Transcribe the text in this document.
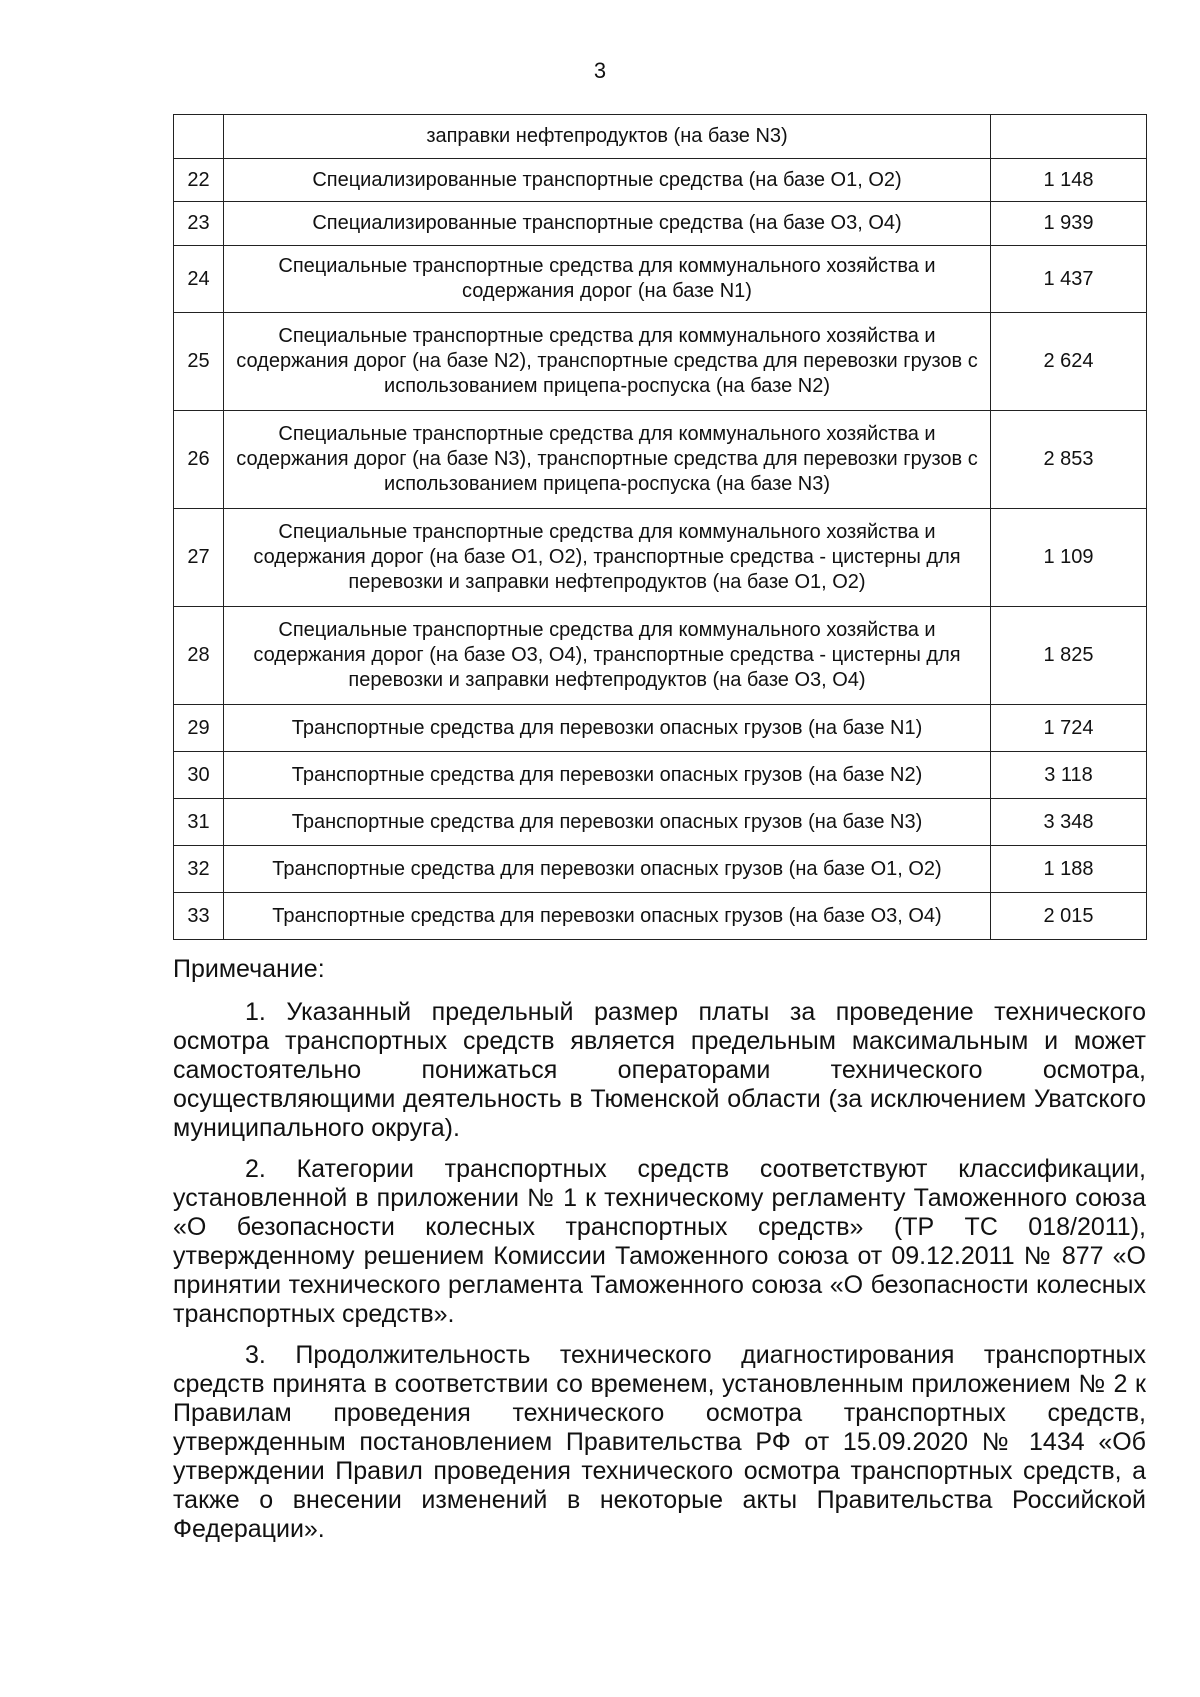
3
	заправки нефтепродуктов (на базе N3)	
22	Специализированные транспортные средства (на базе О1, О2)	1 148
23	Специализированные транспортные средства (на базе О3, О4)	1 939
24	Специальные транспортные средства для коммунального хозяйства и содержания дорог (на базе N1)	1 437
25	Специальные транспортные средства для коммунального хозяйства и содержания дорог (на базе N2), транспортные средства для перевозки грузов с использованием прицепа-роспуска (на базе N2)	2 624
26	Специальные транспортные средства для коммунального хозяйства и содержания дорог (на базе N3), транспортные средства для перевозки грузов с использованием прицепа-роспуска (на базе N3)	2 853
27	Специальные транспортные средства для коммунального хозяйства и содержания дорог (на базе О1, О2), транспортные средства - цистерны для перевозки и заправки нефтепродуктов (на базе О1, О2)	1 109
28	Специальные транспортные средства для коммунального хозяйства и содержания дорог (на базе О3, О4), транспортные средства - цистерны для перевозки и заправки нефтепродуктов (на базе О3, О4)	1 825
29	Транспортные средства для перевозки опасных грузов (на базе N1)	1 724
30	Транспортные средства для перевозки опасных грузов (на базе N2)	3 118
31	Транспортные средства для перевозки опасных грузов (на базе N3)	3 348
32	Транспортные средства для перевозки опасных грузов (на базе О1, О2)	1 188
33	Транспортные средства для перевозки опасных грузов (на базе О3, О4)	2 015

Примечание:

1. Указанный предельный размер платы за проведение технического осмотра транспортных средств является предельным максимальным и может самостоятельно понижаться операторами технического осмотра, осуществляющими деятельность в Тюменской области (за исключением Уватского муниципального округа).

2. Категории транспортных средств соответствуют классификации, установленной в приложении № 1 к техническому регламенту Таможенного союза «О безопасности колесных транспортных средств» (ТР ТС 018/2011), утвержденному решением Комиссии Таможенного союза от 09.12.2011 № 877 «О принятии технического регламента Таможенного союза «О безопасности колесных транспортных средств».

3. Продолжительность технического диагностирования транспортных средств принята в соответствии со временем, установленным приложением № 2 к Правилам проведения технического осмотра транспортных средств, утвержденным постановлением Правительства РФ от 15.09.2020 № 1434 «Об утверждении Правил проведения технического осмотра транспортных средств, а также о внесении изменений в некоторые акты Правительства Российской Федерации».
